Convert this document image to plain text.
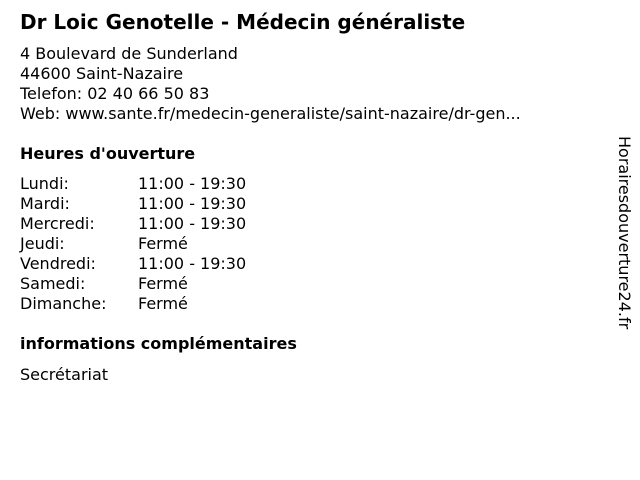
Dr Loic Genotelle - Médecin généraliste
4 Boulevard de Sunderland
44600 Saint-Nazaire
Telefon: 02 40 66 50 83
Web: www.sante.fr/medecin-generaliste/saint-nazaire/dr-gen...
Heures d'ouverture
Lundi:	11:00 - 19:30
Mardi:	11:00 - 19:30
Mercredi:	11:00 - 19:30
Jeudi:	Fermé
Vendredi:	11:00 - 19:30
Samedi:	Fermé
Dimanche:	Fermé
informations complémentaires
Secrétariat
Horairesdouverture24.fr
